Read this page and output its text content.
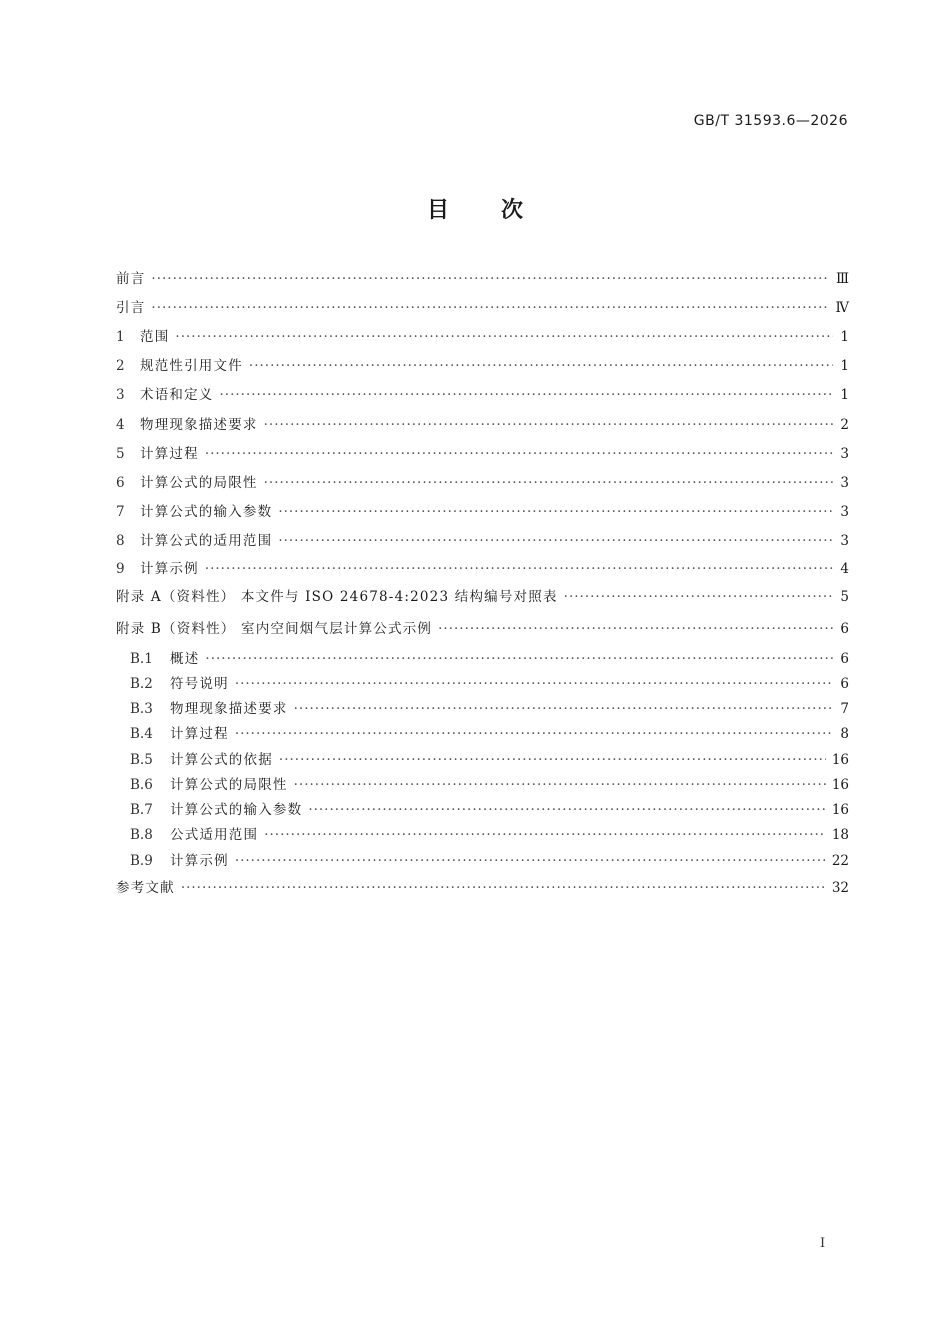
GB/T 31593.6—2026
目次
前言 ·····	Ⅲ
引言 ·····	Ⅳ
1	范围 ·····	1
2	规范性引用文件 ·····	1
3	术语和定义 ·····	1
4	物理现象描述要求 ·····	2
5	计算过程 ·····	3
6	计算公式的局限性 ·····	3
7	计算公式的输入参数 ·····	3
8	计算公式的适用范围 ·····	3
9	计算示例 ·····	4
附录 A（资料性） 本文件与 ISO 24678-4:2023 结构编号对照表 ·····	5
附录 B（资料性） 室内空间烟气层计算公式示例 ·····	6
B.1	概述 ·····	6
B.2	符号说明 ·····	6
B.3	物理现象描述要求 ·····	7
B.4	计算过程 ·····	8
B.5	计算公式的依据 ·····	16
B.6	计算公式的局限性 ·····	16
B.7	计算公式的输入参数 ·····	16
B.8	公式适用范围 ·····	18
B.9	计算示例 ·····	22
参考文献 ·····	32
I
